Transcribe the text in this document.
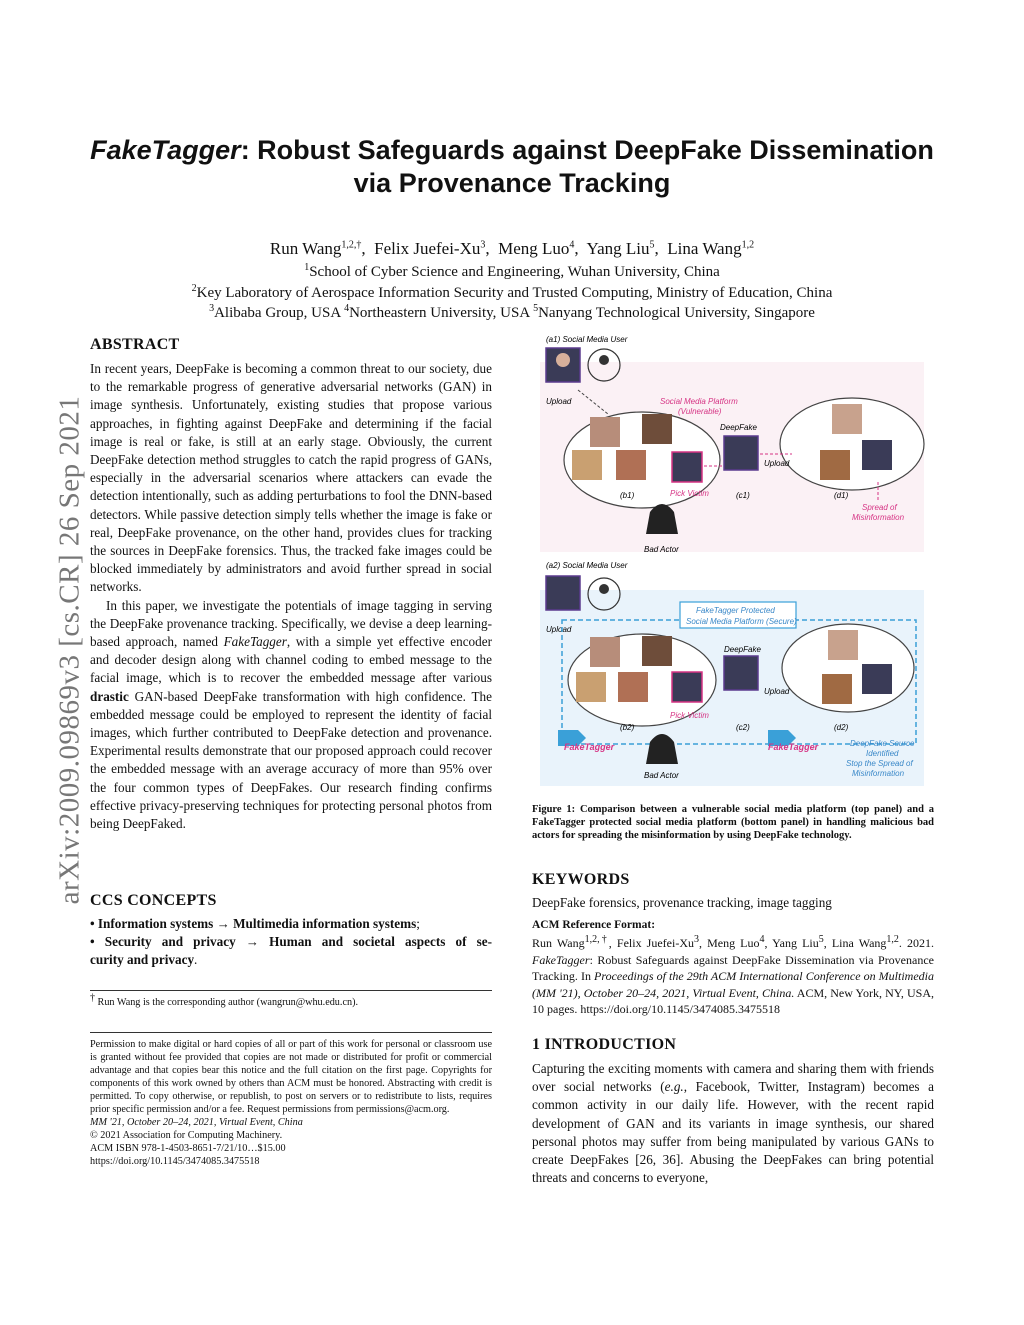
arXiv:2009.09869v3 [cs.CR] 26 Sep 2021
FakeTagger: Robust Safeguards against DeepFake Dissemination
via Provenance Tracking
Run Wang$^{1,2,\dagger}$,  Felix Juefei-Xu$^3$,  Meng Luo$^4$,  Yang Liu$^5$,  Lina Wang$^{1,2}$
$^1$School of Cyber Science and Engineering, Wuhan University, China
$^2$Key Laboratory of Aerospace Information Security and Trusted Computing, Ministry of Education, China
$^3$Alibaba Group, USA $^4$Northeastern University, USA $^5$Nanyang Technological University, Singapore
ABSTRACT

In recent years, DeepFake is becoming a common threat to our society, due to the remarkable progress of generative adversarial networks (GAN) in image synthesis. Unfortunately, existing studies that propose various approaches, in fighting against DeepFake and determining if the facial image is real or fake, is still at an early stage. Obviously, the current DeepFake detection method struggles to catch the rapid progress of GANs, especially in the adversarial scenarios where attackers can evade the detection intentionally, such as adding perturbations to fool the DNN-based detectors. While passive detection simply tells whether the image is fake or real, DeepFake provenance, on the other hand, provides clues for tracking the sources in DeepFake forensics. Thus, the tracked fake images could be blocked immediately by administrators and avoid further spread in social networks.

In this paper, we investigate the potentials of image tagging in serving the DeepFake provenance tracking. Specifically, we devise a deep learning-based approach, named FakeTagger, with a simple yet effective encoder and decoder design along with channel coding to embed message to the facial image, which is to recover the embedded message after various drastic GAN-based DeepFake transformation with high confidence. The embedded message could be employed to represent the identity of facial images, which further contributed to DeepFake detection and provenance. Experimental results demonstrate that our proposed approach could recover the embedded message with an average accuracy of more than 95% over the four common types of DeepFakes. Our research finding confirms effective privacy-preserving techniques for protecting personal photos from being DeepFaked.

CCS CONCEPTS

• Information systems → Multimedia information systems;

• Security and privacy → Human and societal aspects of se-

curity and privacy.

† Run Wang is the corresponding author (wangrun@whu.edu.cn).
Permission to make digital or hard copies of all or part of this work for personal or classroom use is granted without fee provided that copies are not made or distributed for profit or commercial advantage and that copies bear this notice and the full citation on the first page. Copyrights for components of this work owned by others than ACM must be honored. Abstracting with credit is permitted. To copy otherwise, or republish, to post on servers or to redistribute to lists, requires prior specific permission and/or a fee. Request permissions from permissions@acm.org.
MM '21, October 20–24, 2021, Virtual Event, China
© 2021 Association for Computing Machinery.
ACM ISBN 978-1-4503-8651-7/21/10…$15.00
https://doi.org/10.1145/3474085.3475518
(a1) Social Media User
Upload	Social Media Platform
(Vulnerable)
DeepFake
Upload
Pick Victim
(b1)	(c1)	(d1)
Spread of
Misinformation
Bad Actor
(a2) Social Media User
Upload
FakeTagger Protected
Social Media Platform (Secure)
DeepFake
Upload
Pick Victim
(b2)	(c2)	(d2)
FakeTagger	FakeTagger	DeepFake Source
Identified
Stop the Spread of
Misinformation
Bad Actor
Figure 1: Comparison between a vulnerable social media platform (top panel) and a FakeTagger protected social media platform (bottom panel) in handling malicious bad actors for spreading the misinformation by using DeepFake technology.
KEYWORDS
DeepFake forensics, provenance tracking, image tagging
ACM Reference Format:
Run Wang$^{1,2,\dagger}$, Felix Juefei-Xu$^3$, Meng Luo$^4$, Yang Liu$^5$, Lina Wang$^{1,2}$. 2021. FakeTagger: Robust Safeguards against DeepFake Dissemination via Provenance Tracking. In Proceedings of the 29th ACM International Conference on Multimedia (MM '21), October 20–24, 2021, Virtual Event, China. ACM, New York, NY, USA, 10 pages. https://doi.org/10.1145/3474085.3475518
1 INTRODUCTION
Capturing the exciting moments with camera and sharing them with friends over social networks (e.g., Facebook, Twitter, Instagram) becomes a common activity in our daily life. However, with the recent rapid development of GAN and its variants in image synthesis, our shared personal photos may suffer from being manipulated by various GANs to create DeepFakes [26, 36]. Abusing the DeepFakes can bring potential threats and concerns to everyone,
